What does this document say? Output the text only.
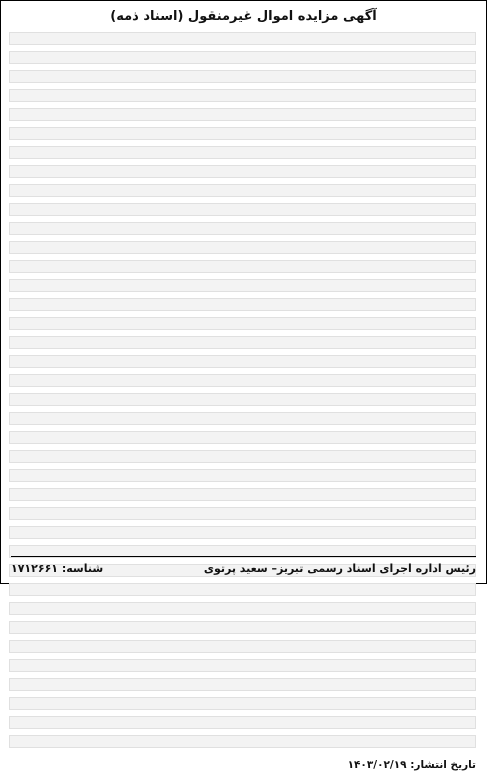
آگهی مزایده اموال غیرمنقول (اسناد ذمه)

تاریخ انتشار: ۱۴۰۳/۰۲/۱۹
رئیس اداره اجرای اسناد رسمی تبریز– سعید پرتوی
شناسه: ۱۷۱۲۶۶۱
